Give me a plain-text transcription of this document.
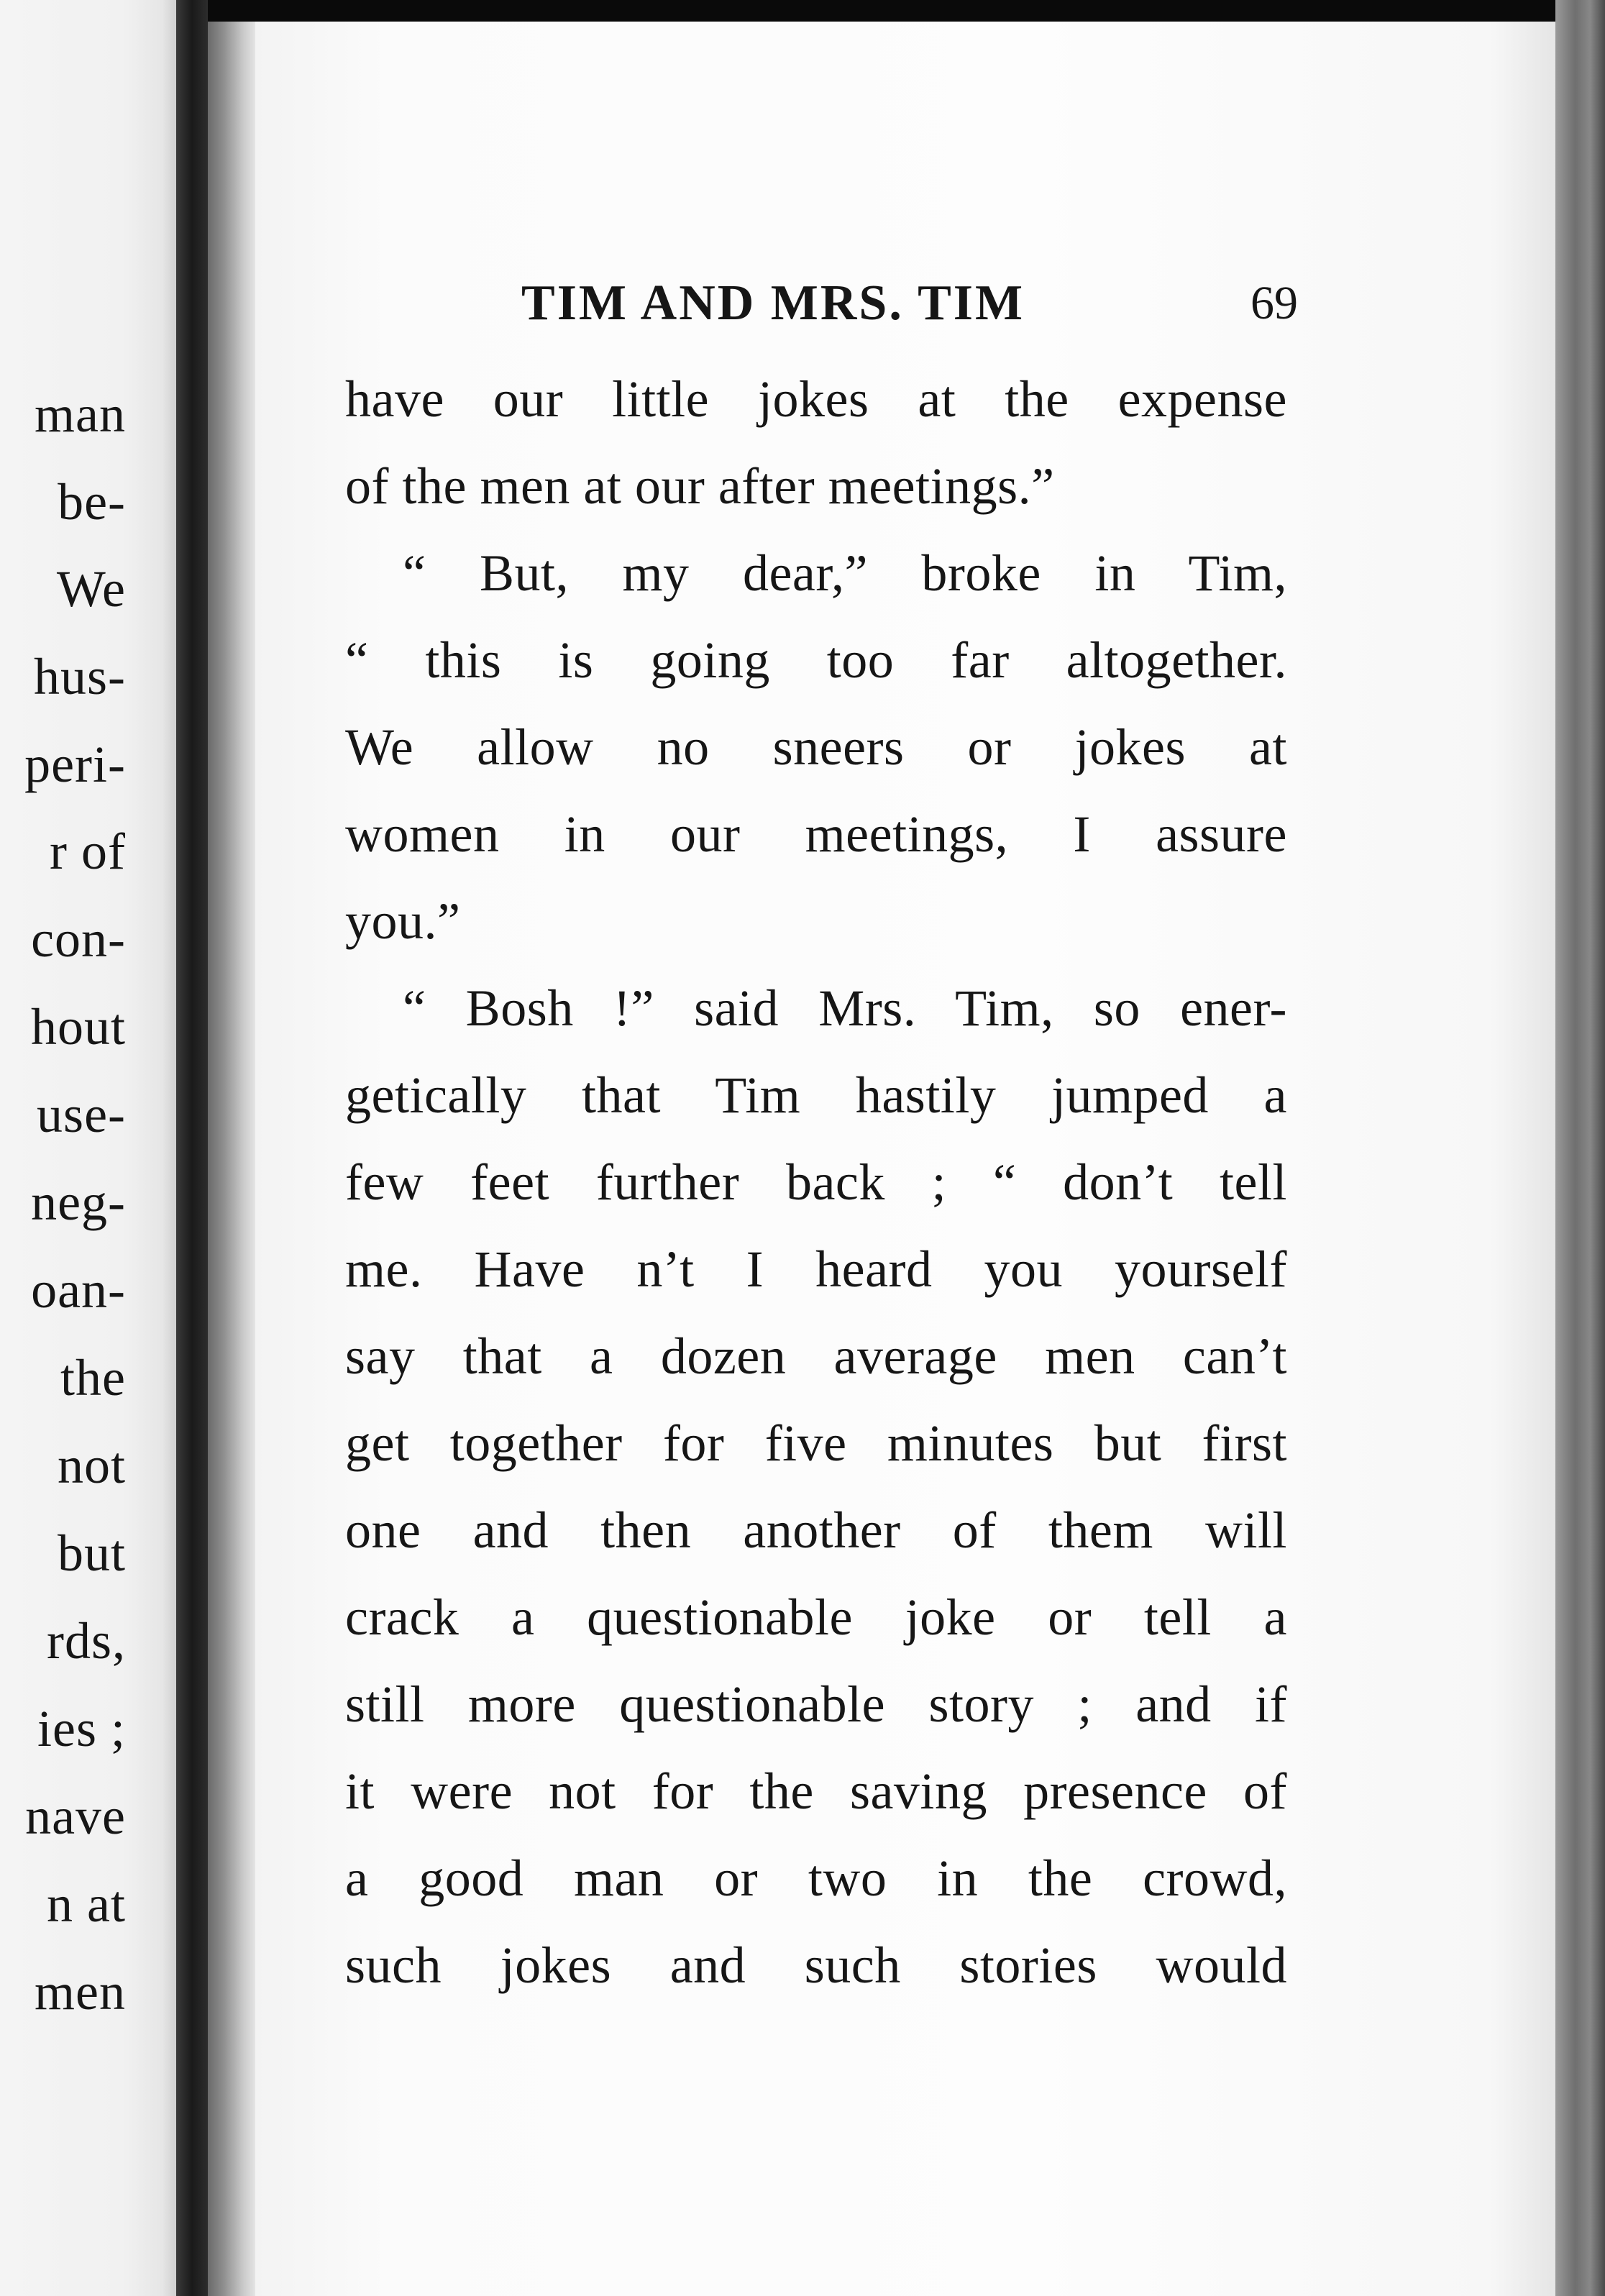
man
be-
We
hus-
peri-
r of
con-
hout
use-
neg-
oan-
the
not
but
rds,
ies ;
nave
n at
men
TIM AND MRS. TIM	69
have our little jokes at the expense
of the men at our after meetings.”
“ But, my dear,” broke in Tim,
“ this is going too far altogether.
We allow no sneers or jokes at
women in our meetings, I assure
you.”
“ Bosh !” said Mrs. Tim, so ener-
getically that Tim hastily jumped a
few feet further back ; “ don’t tell
me. Have n’t I heard you yourself
say that a dozen average men can’t
get together for five minutes but first
one and then another of them will
crack a questionable joke or tell a
still more questionable story ; and if
it were not for the saving presence of
a good man or two in the crowd,
such jokes and such stories would
